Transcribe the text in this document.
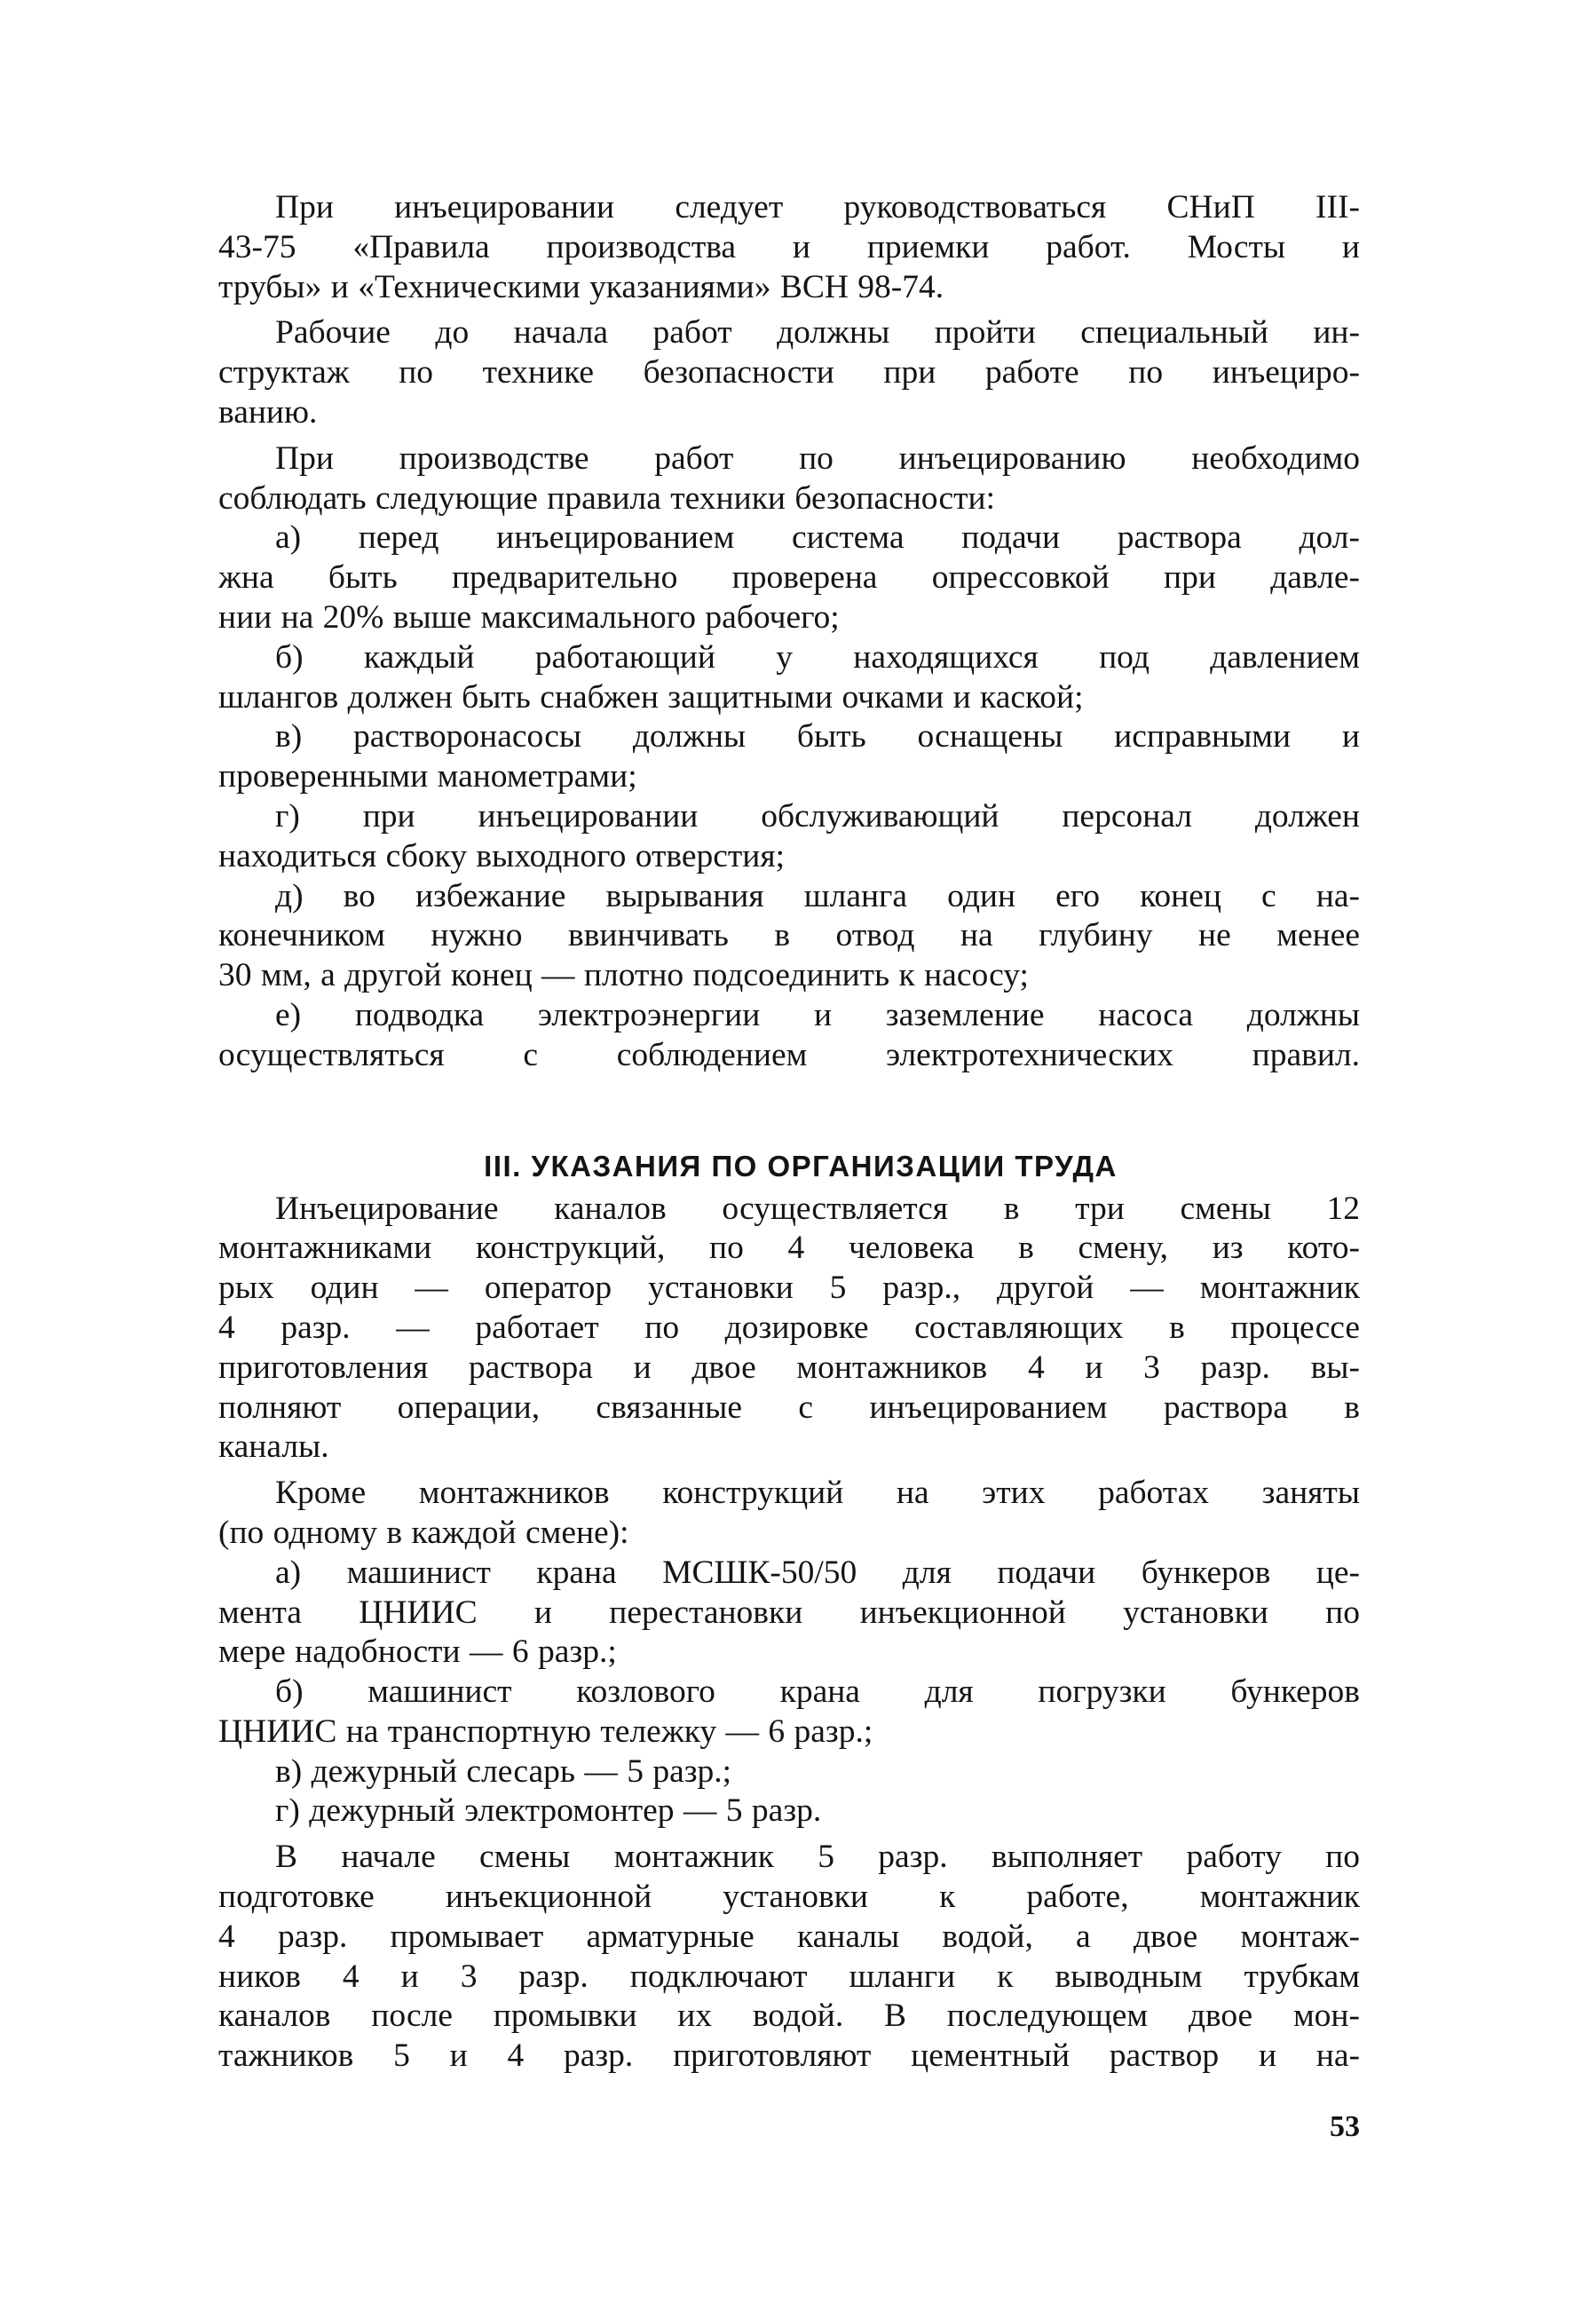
При инъецировании следует руководствоваться СНиП III-
43-75 «Правила производства и приемки работ. Мосты и
трубы» и «Техническими указаниями» ВСН 98-74.

Рабочие до начала работ должны пройти специальный ин-
структаж по технике безопасности при работе по инъециро-
ванию.

При производстве работ по инъецированию необходимо
соблюдать следующие правила техники безопасности:

а) перед инъецированием система подачи раствора дол-
жна быть предварительно проверена опрессовкой при давле-
нии на 20% выше максимального рабочего;

б) каждый работающий у находящихся под давлением
шлангов должен быть снабжен защитными очками и каской;

в) растворонасосы должны быть оснащены исправными и
проверенными манометрами;

г) при инъецировании обслуживающий персонал должен
находиться сбоку выходного отверстия;

д) во избежание вырывания шланга один его конец с на-
конечником нужно ввинчивать в отвод на глубину не менее
30 мм, а другой конец — плотно подсоединить к насосу;

е) подводка электроэнергии и заземление насоса должны
осуществляться с соблюдением электротехнических правил.

III. УКАЗАНИЯ ПО ОРГАНИЗАЦИИ ТРУДА

Инъецирование каналов осуществляется в три смены 12
монтажниками конструкций, по 4 человека в смену, из кото-
рых один — оператор установки 5 разр., другой — монтажник
4 разр. — работает по дозировке составляющих в процессе
приготовления раствора и двое монтажников 4 и 3 разр. вы-
полняют операции, связанные с инъецированием раствора в
каналы.

Кроме монтажников конструкций на этих работах заняты
(по одному в каждой смене):

а) машинист крана МСШК-50/50 для подачи бункеров це-
мента ЦНИИС и перестановки инъекционной установки по
мере надобности — 6 разр.;

б) машинист козлового крана для погрузки бункеров
ЦНИИС на транспортную тележку — 6 разр.;

в) дежурный слесарь — 5 разр.;

г) дежурный электромонтер — 5 разр.

В начале смены монтажник 5 разр. выполняет работу по
подготовке инъекционной установки к работе, монтажник
4 разр. промывает арматурные каналы водой, а двое монтаж-
ников 4 и 3 разр. подключают шланги к выводным трубкам
каналов после промывки их водой. В последующем двое мон-
тажников 5 и 4 разр. приготовляют цементный раствор и на-

53
